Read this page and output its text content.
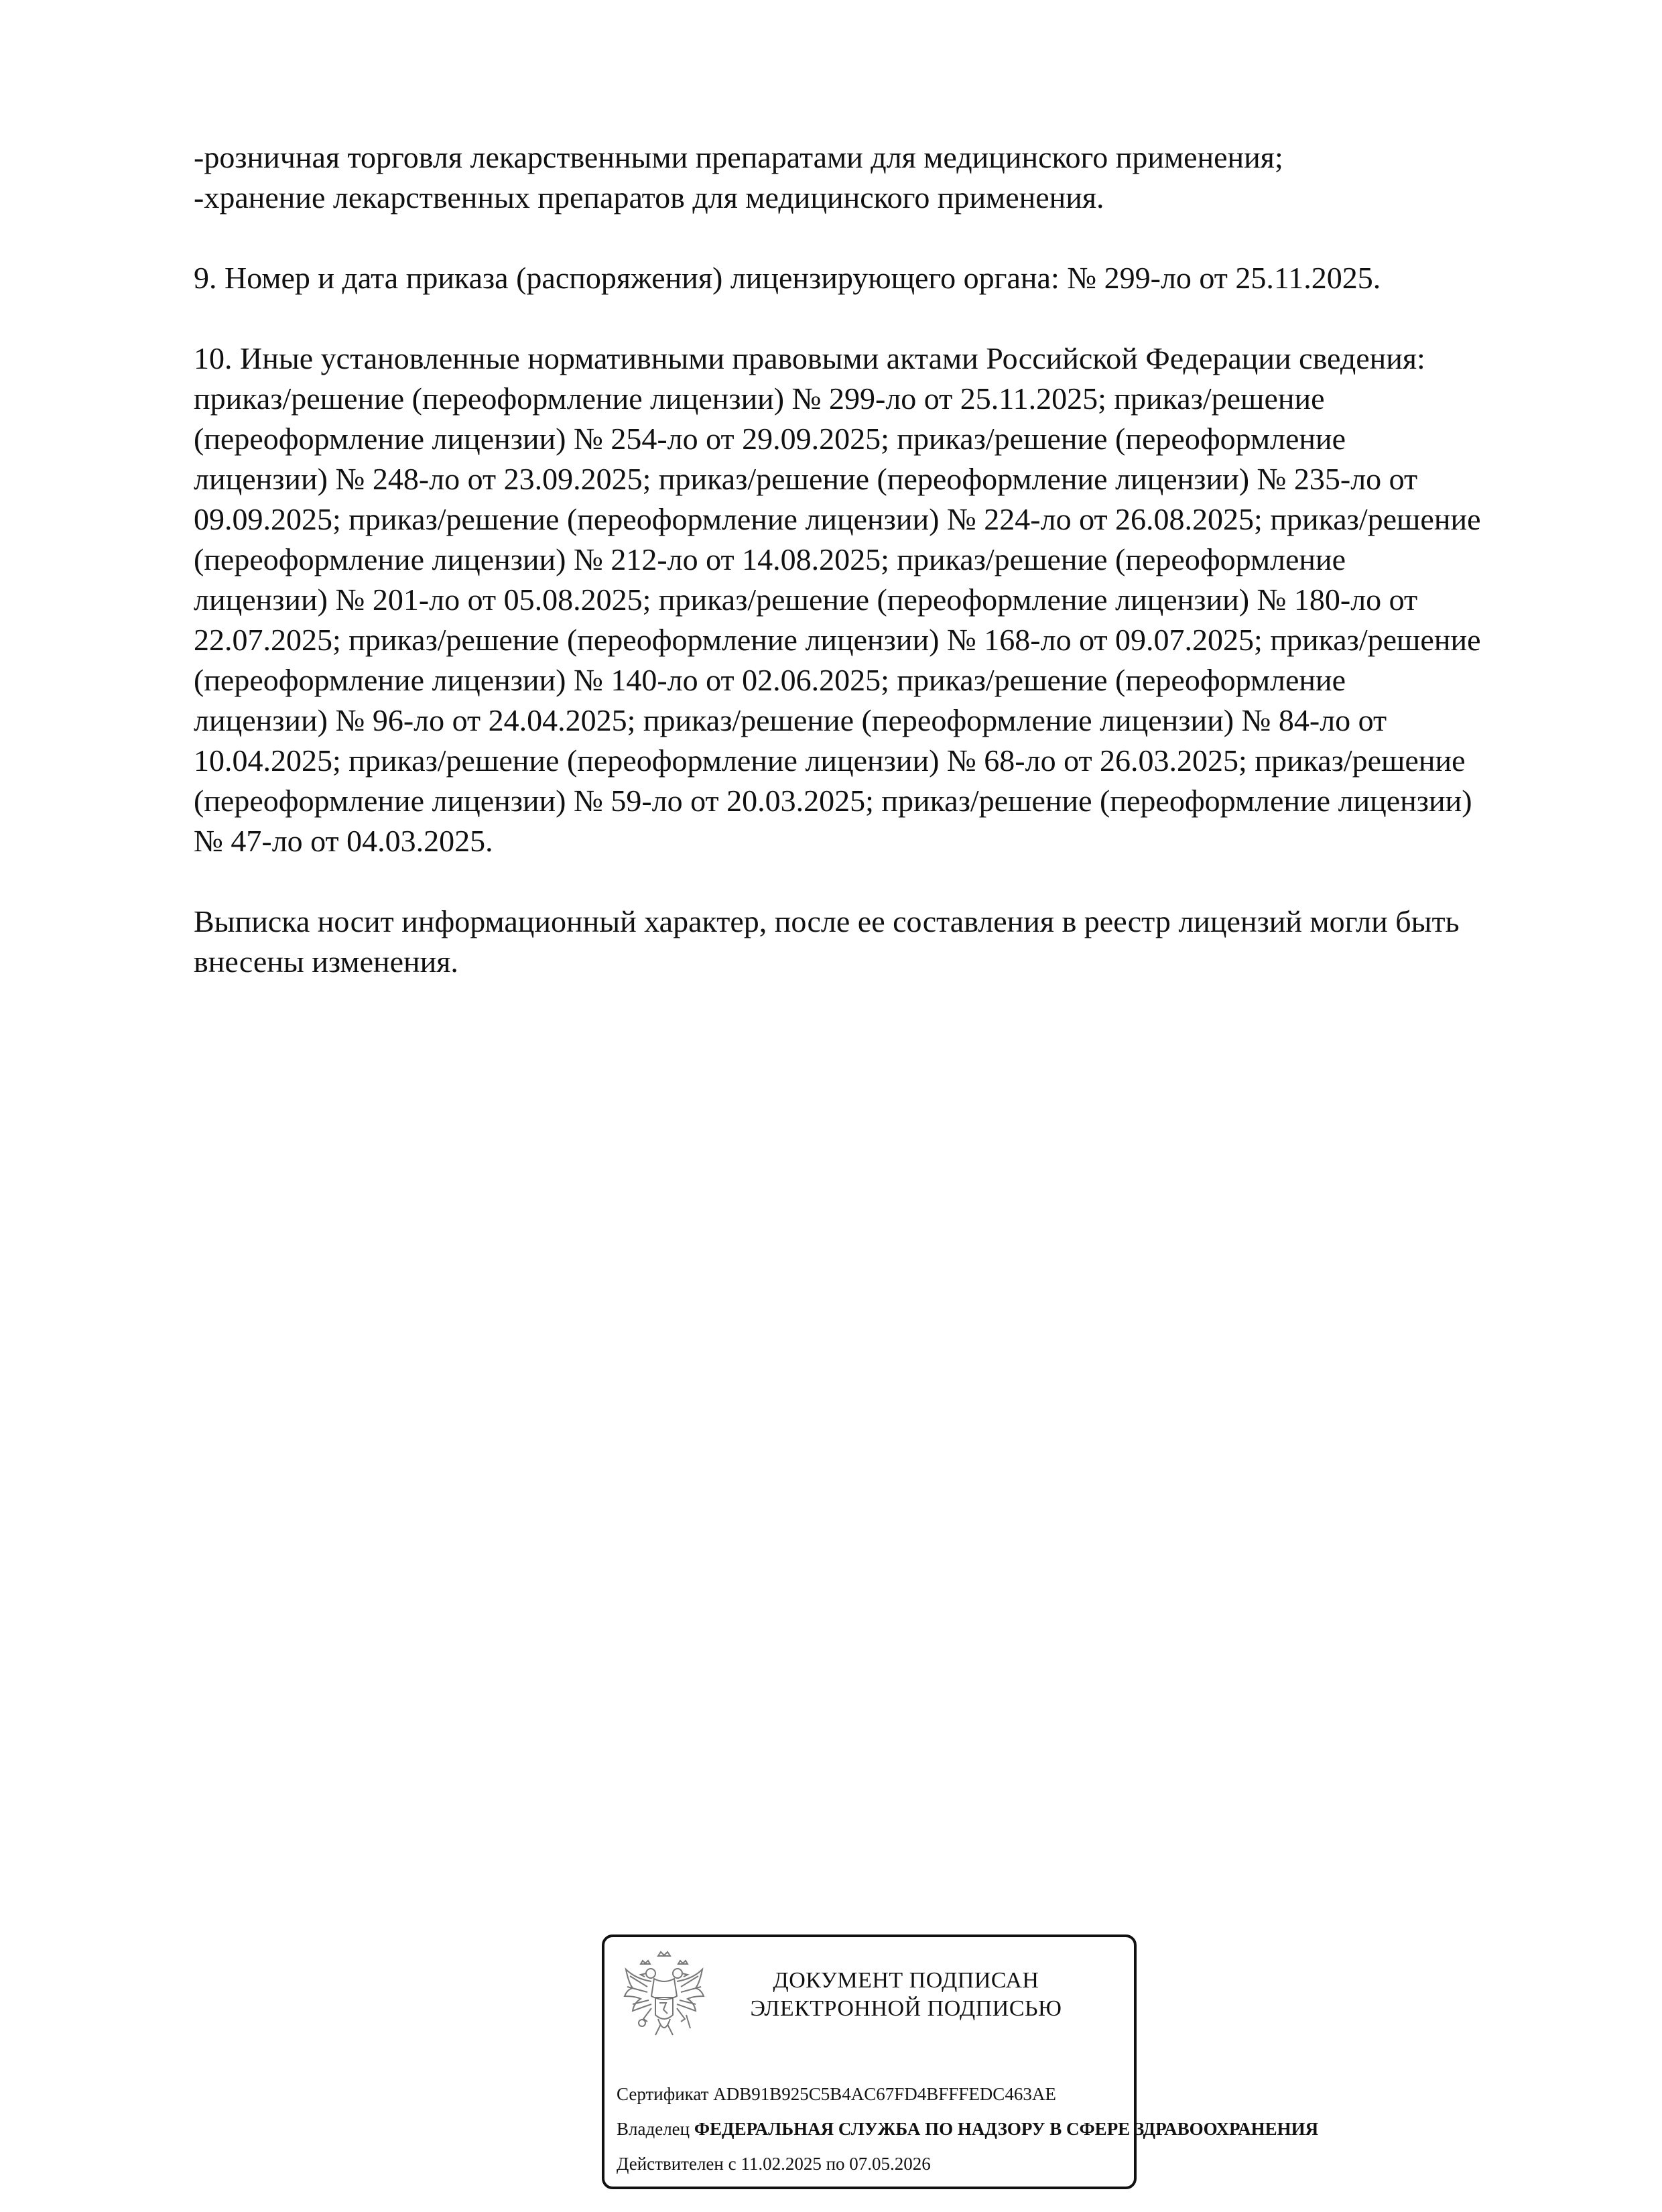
-розничная торговля лекарственными препаратами для медицинского применения;

-хранение лекарственных препаратов для медицинского применения.

9. Номер и дата приказа (распоряжения) лицензирующего органа: № 299-ло от 25.11.2025.

10. Иные установленные нормативными правовыми актами Российской Федерации сведения:

приказ/решение (переоформление лицензии) № 299-ло от 25.11.2025; приказ/решение

(переоформление лицензии) № 254-ло от 29.09.2025; приказ/решение (переоформление

лицензии) № 248-ло от 23.09.2025; приказ/решение (переоформление лицензии) № 235-ло от

09.09.2025; приказ/решение (переоформление лицензии) № 224-ло от 26.08.2025; приказ/решение

(переоформление лицензии) № 212-ло от 14.08.2025; приказ/решение (переоформление

лицензии) № 201-ло от 05.08.2025; приказ/решение (переоформление лицензии) № 180-ло от

22.07.2025; приказ/решение (переоформление лицензии) № 168-ло от 09.07.2025; приказ/решение

(переоформление лицензии) № 140-ло от 02.06.2025; приказ/решение (переоформление

лицензии) № 96-ло от 24.04.2025; приказ/решение (переоформление лицензии) № 84-ло от

10.04.2025; приказ/решение (переоформление лицензии) № 68-ло от 26.03.2025; приказ/решение

(переоформление лицензии) № 59-ло от 20.03.2025; приказ/решение (переоформление лицензии)

№ 47-ло от 04.03.2025.

Выписка носит информационный характер, после ее составления в реестр лицензий могли быть

внесены изменения.

ДОКУМЕНТ ПОДПИСАН
ЭЛЕКТРОННОЙ ПОДПИСЬЮ
Сертификат ADB91B925C5B4AC67FD4BFFFEDC463AE
Владелец ФЕДЕРАЛЬНАЯ СЛУЖБА ПО НАДЗОРУ В СФЕРЕ ЗДРАВООХРАНЕНИЯ
Действителен с 11.02.2025 по 07.05.2026
